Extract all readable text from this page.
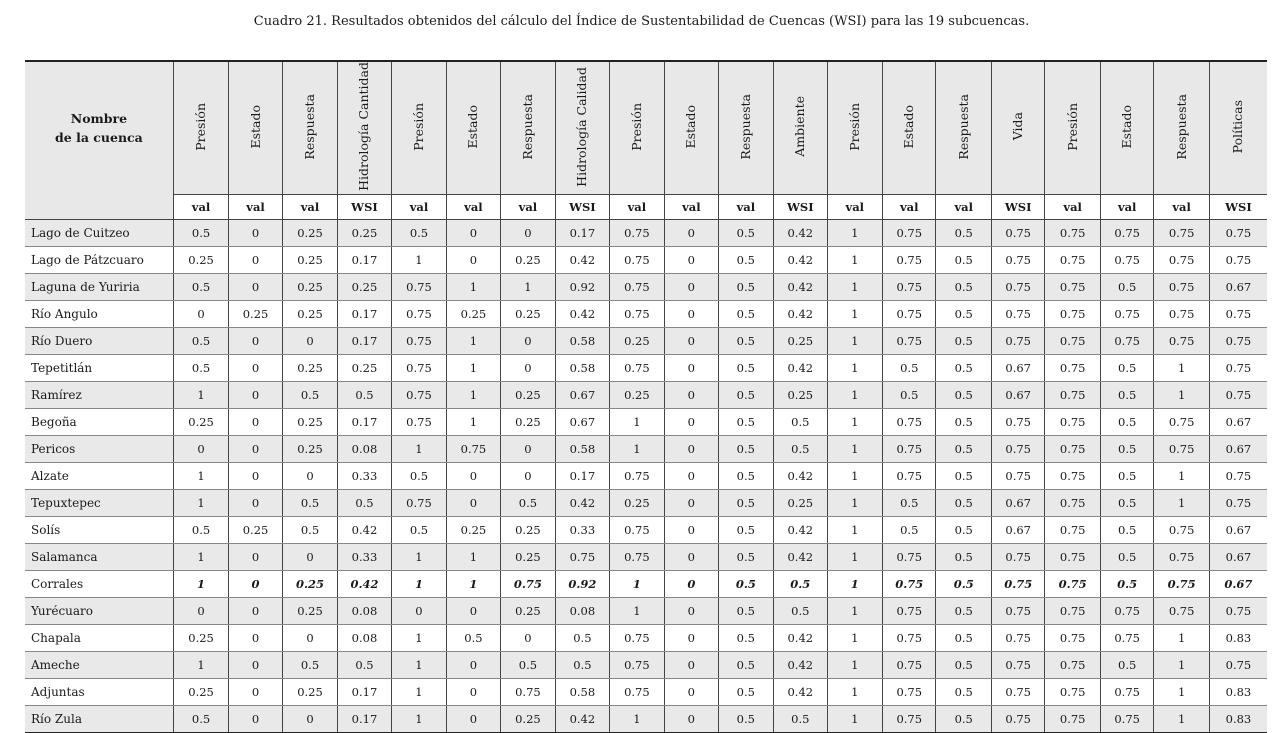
Cuadro 21. Resultados obtenidos del cálculo del Índice de Sustentabilidad de Cuencas (WSI) para las 19 subcuencas.
Nombre
de la cuenca	Presión	Estado	Respuesta	Hidrología Cantidad	Presión	Estado	Respuesta	Hidrología Calidad	Presión	Estado	Respuesta	Ambiente	Presión	Estado	Respuesta	Vida	Presión	Estado	Respuesta	Políticas
	val	val	val	WSI	val	val	val	WSI	val	val	val	WSI	val	val	val	WSI	val	val	val	WSI
Lago de Cuitzeo	0.5	0	0.25	0.25	0.5	0	0	0.17	0.75	0	0.5	0.42	1	0.75	0.5	0.75	0.75	0.75	0.75	0.75
Lago de Pátzcuaro	0.25	0	0.25	0.17	1	0	0.25	0.42	0.75	0	0.5	0.42	1	0.75	0.5	0.75	0.75	0.75	0.75	0.75
Laguna de Yuriria	0.5	0	0.25	0.25	0.75	1	1	0.92	0.75	0	0.5	0.42	1	0.75	0.5	0.75	0.75	0.5	0.75	0.67
Río Angulo	0	0.25	0.25	0.17	0.75	0.25	0.25	0.42	0.75	0	0.5	0.42	1	0.75	0.5	0.75	0.75	0.75	0.75	0.75
Río Duero	0.5	0	0	0.17	0.75	1	0	0.58	0.25	0	0.5	0.25	1	0.75	0.5	0.75	0.75	0.75	0.75	0.75
Tepetitlán	0.5	0	0.25	0.25	0.75	1	0	0.58	0.75	0	0.5	0.42	1	0.5	0.5	0.67	0.75	0.5	1	0.75
Ramírez	1	0	0.5	0.5	0.75	1	0.25	0.67	0.25	0	0.5	0.25	1	0.5	0.5	0.67	0.75	0.5	1	0.75
Begoña	0.25	0	0.25	0.17	0.75	1	0.25	0.67	1	0	0.5	0.5	1	0.75	0.5	0.75	0.75	0.5	0.75	0.67
Pericos	0	0	0.25	0.08	1	0.75	0	0.58	1	0	0.5	0.5	1	0.75	0.5	0.75	0.75	0.5	0.75	0.67
Alzate	1	0	0	0.33	0.5	0	0	0.17	0.75	0	0.5	0.42	1	0.75	0.5	0.75	0.75	0.5	1	0.75
Tepuxtepec	1	0	0.5	0.5	0.75	0	0.5	0.42	0.25	0	0.5	0.25	1	0.5	0.5	0.67	0.75	0.5	1	0.75
Solís	0.5	0.25	0.5	0.42	0.5	0.25	0.25	0.33	0.75	0	0.5	0.42	1	0.5	0.5	0.67	0.75	0.5	0.75	0.67
Salamanca	1	0	0	0.33	1	1	0.25	0.75	0.75	0	0.5	0.42	1	0.75	0.5	0.75	0.75	0.5	0.75	0.67
Corrales	1	0	0.25	0.42	1	1	0.75	0.92	1	0	0.5	0.5	1	0.75	0.5	0.75	0.75	0.5	0.75	0.67
Yurécuaro	0	0	0.25	0.08	0	0	0.25	0.08	1	0	0.5	0.5	1	0.75	0.5	0.75	0.75	0.75	0.75	0.75
Chapala	0.25	0	0	0.08	1	0.5	0	0.5	0.75	0	0.5	0.42	1	0.75	0.5	0.75	0.75	0.75	1	0.83
Ameche	1	0	0.5	0.5	1	0	0.5	0.5	0.75	0	0.5	0.42	1	0.75	0.5	0.75	0.75	0.5	1	0.75
Adjuntas	0.25	0	0.25	0.17	1	0	0.75	0.58	0.75	0	0.5	0.42	1	0.75	0.5	0.75	0.75	0.75	1	0.83
Río Zula	0.5	0	0	0.17	1	0	0.25	0.42	1	0	0.5	0.5	1	0.75	0.5	0.75	0.75	0.75	1	0.83
